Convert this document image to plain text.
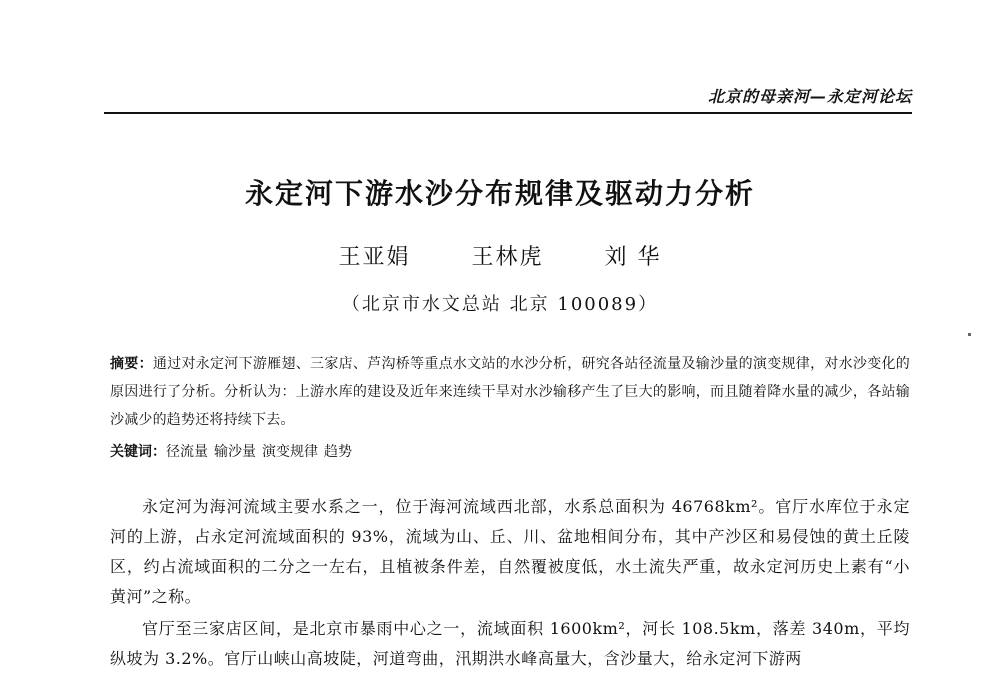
北京的母亲河—永定河论坛
永定河下游水沙分布规律及驱动力分析
王亚娟	王林虎	刘 华
（北京市水文总站 北京 100089）
摘要：通过对永定河下游雁翅、三家店、芦沟桥等重点水文站的水沙分析，研究各站径流量及输沙量的演变规律，对水沙变化的原因进行了分析。分析认为：上游水库的建设及近年来连续干旱对水沙输移产生了巨大的影响，而且随着降水量的减少，各站输沙减少的趋势还将持续下去。
关键词：径流量 输沙量 演变规律 趋势

永定河为海河流域主要水系之一，位于海河流域西北部，水系总面积为 46768km²。官厅水库位于永定河的上游，占永定河流域面积的 93%，流域为山、丘、川、盆地相间分布，其中产沙区和易侵蚀的黄土丘陵区，约占流域面积的二分之一左右，且植被条件差，自然覆被度低，水土流失严重，故永定河历史上素有“小黄河”之称。

官厅至三家店区间，是北京市暴雨中心之一，流域面积 1600km²，河长 108.5km，落差 340m，平均纵坡为 3.2%。官厅山峡山高坡陡，河道弯曲，汛期洪水峰高量大，含沙量大，给永定河下游两
